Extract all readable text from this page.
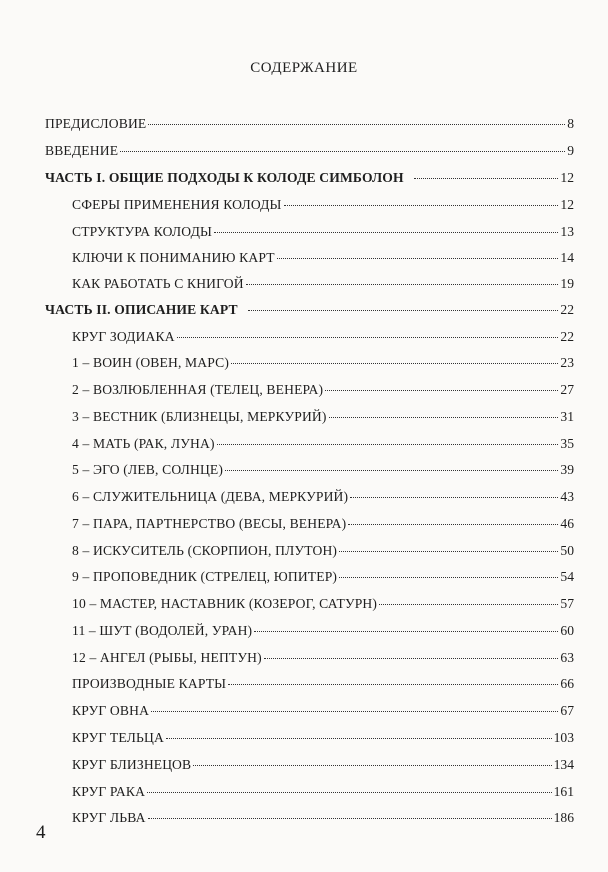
СОДЕРЖАНИЕ
ПРЕДИСЛОВИЕ	8
ВВЕДЕНИЕ	9
ЧАСТЬ I. ОБЩИЕ ПОДХОДЫ К КОЛОДЕ СИМБОЛОН	12
СФЕРЫ ПРИМЕНЕНИЯ КОЛОДЫ	12
СТРУКТУРА КОЛОДЫ	13
КЛЮЧИ К ПОНИМАНИЮ КАРТ	14
КАК РАБОТАТЬ С КНИГОЙ	19
ЧАСТЬ II. ОПИСАНИЕ КАРТ	22
КРУГ ЗОДИАКА	22
1 – ВОИН (ОВЕН, МАРС)	23
2 – ВОЗЛЮБЛЕННАЯ (ТЕЛЕЦ, ВЕНЕРА)	27
3 – ВЕСТНИК (БЛИЗНЕЦЫ, МЕРКУРИЙ)	31
4 – МАТЬ (РАК, ЛУНА)	35
5 – ЭГО (ЛЕВ, СОЛНЦЕ)	39
6 – СЛУЖИТЕЛЬНИЦА (ДЕВА, МЕРКУРИЙ)	43
7 – ПАРА, ПАРТНЕРСТВО (ВЕСЫ, ВЕНЕРА)	46
8 – ИСКУСИТЕЛЬ (СКОРПИОН, ПЛУТОН)	50
9 – ПРОПОВЕДНИК (СТРЕЛЕЦ, ЮПИТЕР)	54
10 – МАСТЕР, НАСТАВНИК (КОЗЕРОГ, САТУРН)	57
11 – ШУТ (ВОДОЛЕЙ, УРАН)	60
12 – АНГЕЛ (РЫБЫ, НЕПТУН)	63
ПРОИЗВОДНЫЕ КАРТЫ	66
КРУГ ОВНА	67
КРУГ ТЕЛЬЦА	103
КРУГ БЛИЗНЕЦОВ	134
КРУГ РАКА	161
КРУГ ЛЬВА	186
4
